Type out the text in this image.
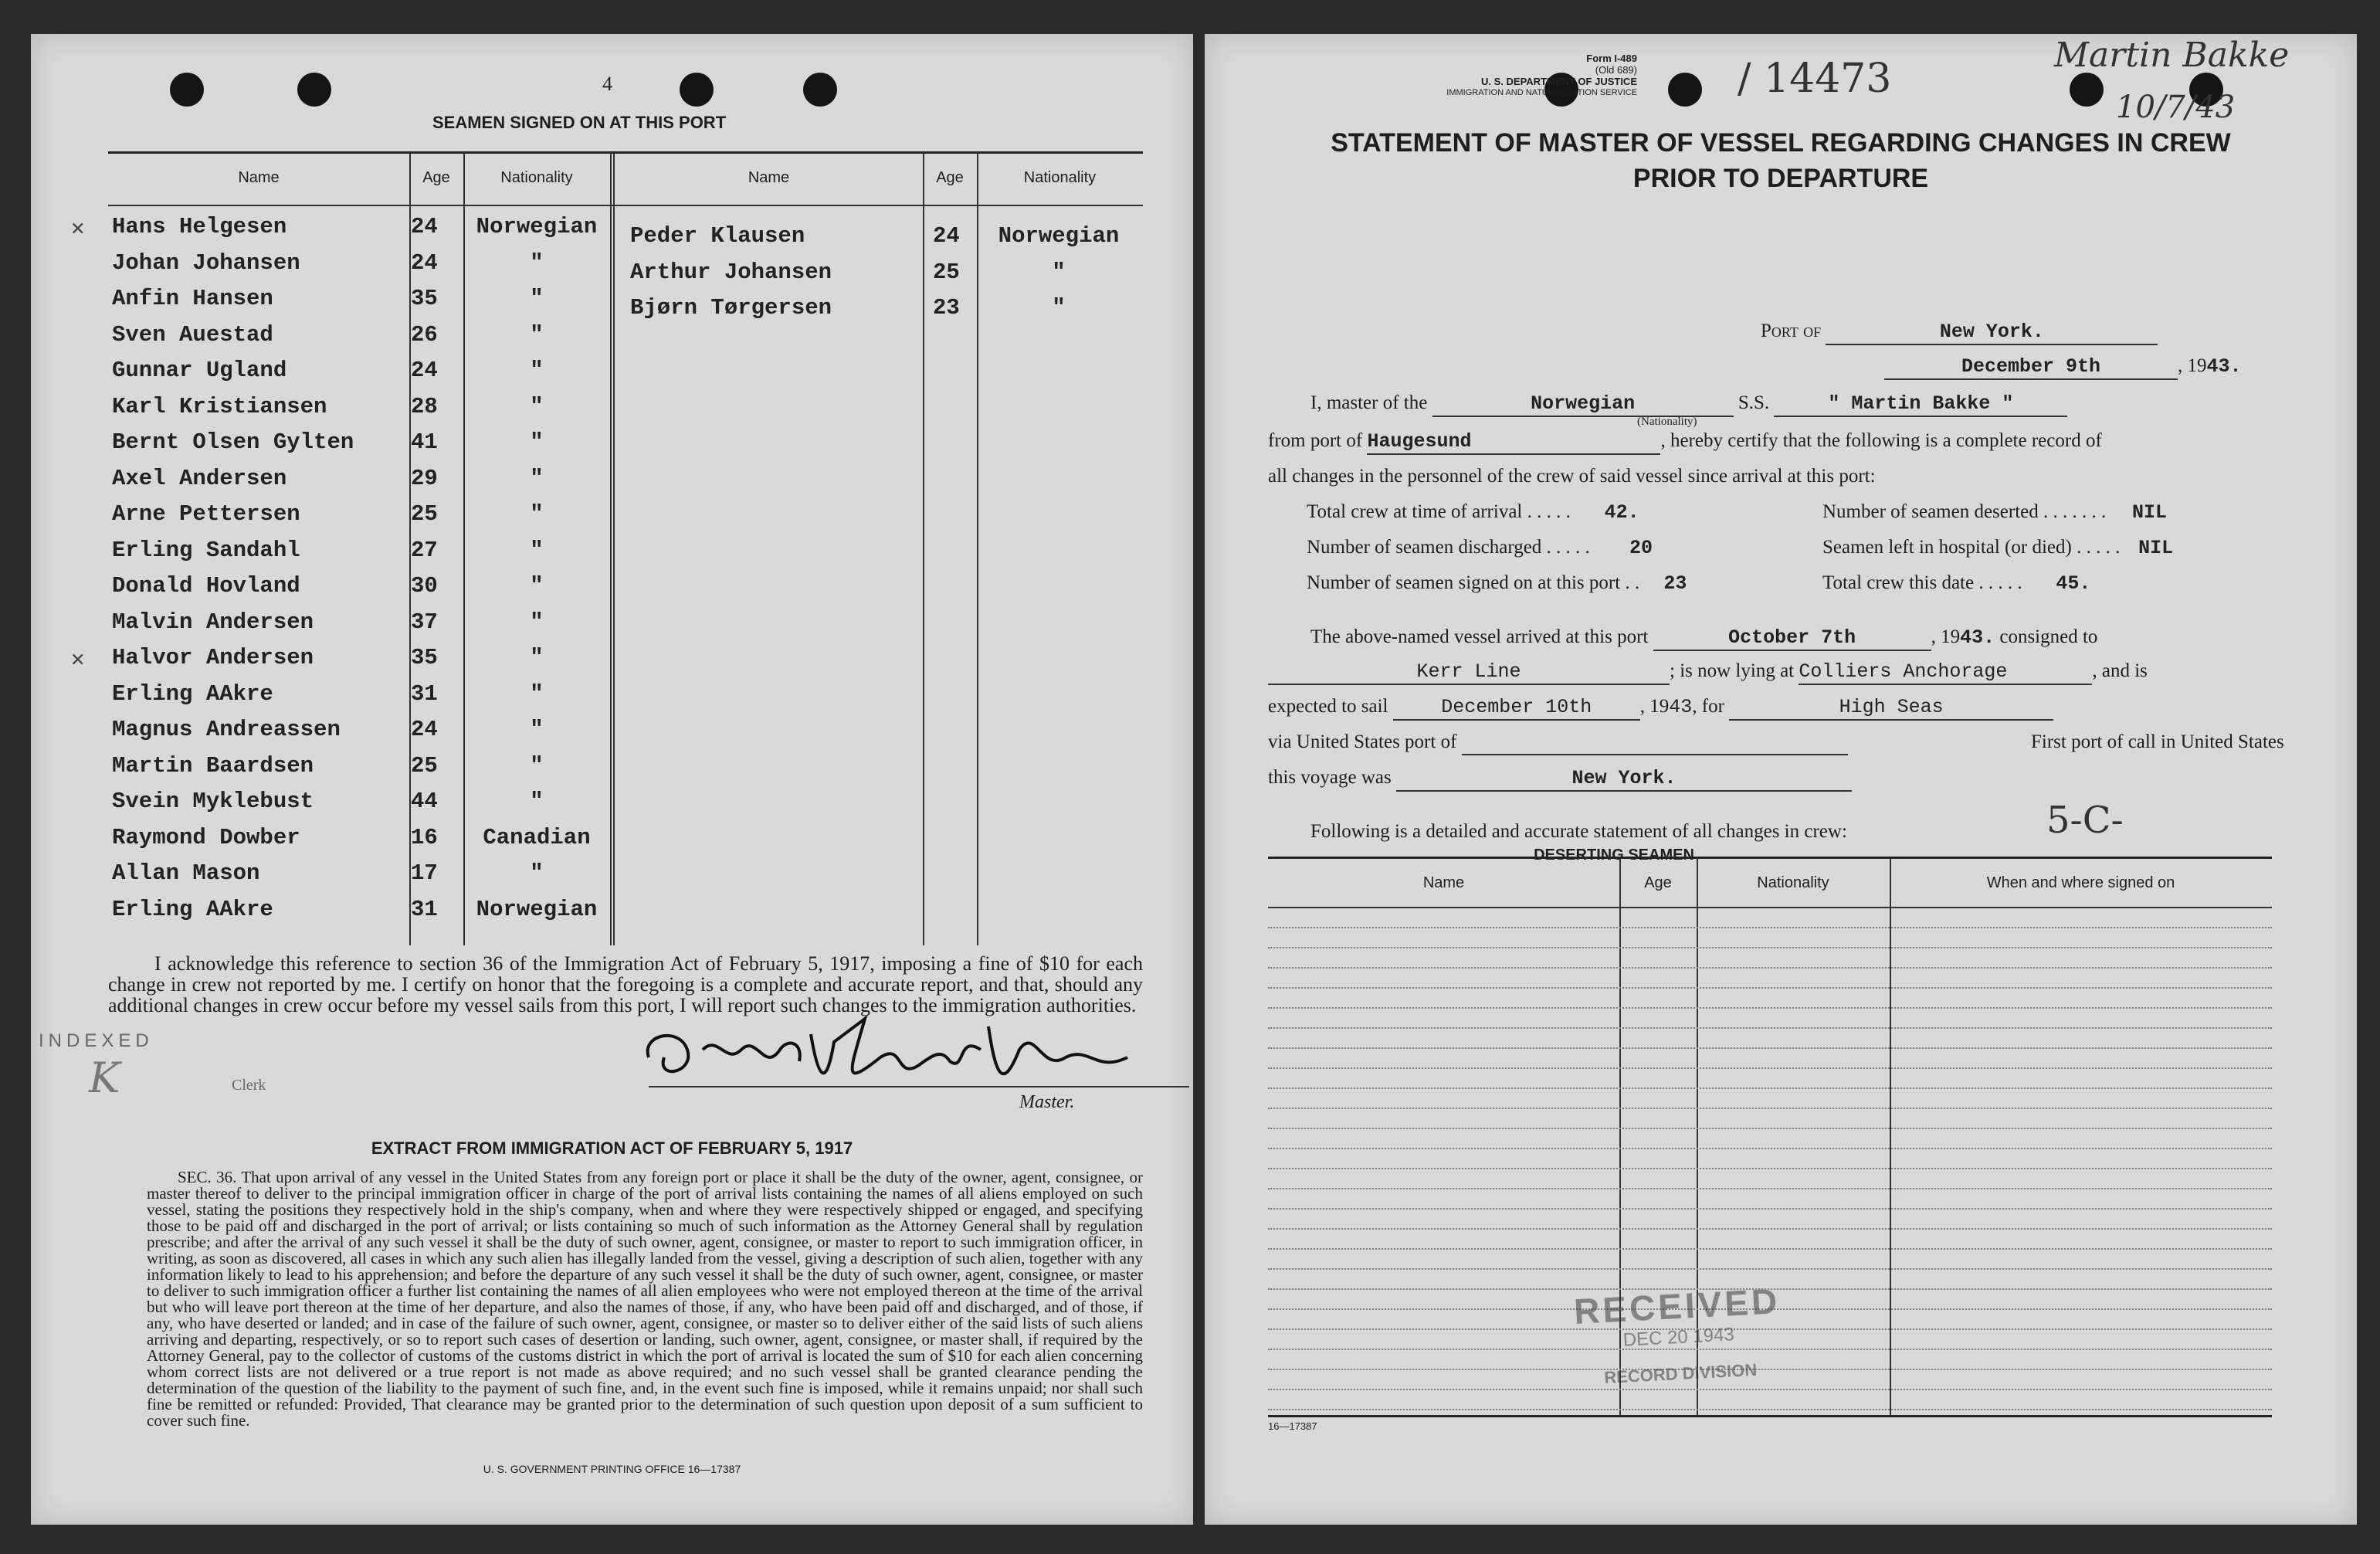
4
SEAMEN SIGNED ON AT THIS PORT
Name	Age	Nationality	Name	Age	Nationality
✕ Hans Helgesen	24 Norwegian
Johan Johansen	24	"
Anfin Hansen	35	"
Sven Auestad	26	"
Gunnar Ugland	24	"
Karl Kristiansen	28	"
Bernt Olsen Gylten	41	"
Axel Andersen	29	"
Arne Pettersen	25	"
Erling Sandahl	27	"
Donald Hovland	30	"
Malvin Andersen	37	"
✕ Halvor Andersen	35	"
Erling AAkre	31	"
Magnus Andreassen	24	"
Martin Baardsen	25	"
Svein Myklebust	44	"
Raymond Dowber	16	Canadian
Allan Mason	17	"
Erling AAkre	31 Norwegian
Peder Klausen	24	Norwegian
Arthur Johansen	25	"
Bjørn Tørgersen	23	"
I acknowledge this reference to section 36 of the Immigration Act of February 5, 1917, imposing a fine of $10 for each change in crew not reported by me. I certify on honor that the foregoing is a complete and accurate report, and that, should any additional changes in crew occur before my vessel sails from this port, I will report such changes to the immigration authorities.
INDEXED
K	Clerk
Master.
EXTRACT FROM IMMIGRATION ACT OF FEBRUARY 5, 1917
SEC. 36. That upon arrival of any vessel in the United States from any foreign port or place it shall be the duty of the owner, agent, consignee, or master thereof to deliver to the principal immigration officer in charge of the port of arrival lists containing the names of all aliens employed on such vessel, stating the positions they respectively hold in the ship's company, when and where they were respectively shipped or engaged, and specifying those to be paid off and discharged in the port of arrival; or lists containing so much of such information as the Attorney General shall by regulation prescribe; and after the arrival of any such vessel it shall be the duty of such owner, agent, consignee, or master to report to such immigration officer, in writing, as soon as discovered, all cases in which any such alien has illegally landed from the vessel, giving a description of such alien, together with any information likely to lead to his apprehension; and before the departure of any such vessel it shall be the duty of such owner, agent, consignee, or master to deliver to such immigration officer a further list containing the names of all alien employees who were not employed thereon at the time of the arrival but who will leave port thereon at the time of her departure, and also the names of those, if any, who have been paid off and discharged, and of those, if any, who have deserted or landed; and in case of the failure of such owner, agent, consignee, or master so to deliver either of the said lists of such aliens arriving and departing, respectively, or so to report such cases of desertion or landing, such owner, agent, consignee, or master shall, if required by the Attorney General, pay to the collector of customs of the customs district in which the port of arrival is located the sum of $10 for each alien concerning whom correct lists are not delivered or a true report is not made as above required; and no such vessel shall be granted clearance pending the determination of the question of the liability to the payment of such fine, and, in the event such fine is imposed, while it remains unpaid; nor shall such fine be remitted or refunded: Provided, That clearance may be granted prior to the determination of such question upon deposit of a sum sufficient to cover such fine.
U. S. GOVERNMENT PRINTING OFFICE 16—17387
Form I-489
(Old 689)
U. S. DEPARTMENT OF JUSTICE
IMMIGRATION AND NATURALIZATION SERVICE	/ 14473
Martin Bakke
10/7/43
STATEMENT OF MASTER OF VESSEL REGARDING CHANGES IN CREW
PRIOR TO DEPARTURE
Port of	New York.
December 9th	, 1943.
I, master of the	Norwegian	S.S.	" Martin Bakke "
(Nationality)
from port of Haugesund	, hereby certify that the following is a complete record of
all changes in the personnel of the crew of said vessel since arrival at this port:
Total crew at time of arrival . . . . . 42.
Number of seamen discharged . . . . . 20
Number of seamen signed on at this port . . 23
Number of seamen deserted . . . . . . . NIL
Seamen left in hospital (or died) . . . . . NIL
Total crew this date . . . . . 45.
The above-named vessel arrived at this port	October 7th	, 1943. consigned to
Kerr Line	; is now lying at Colliers Anchorage	, and is
expected to sail	December 10th , 1943, for	High Seas
via United States port of	First port of call in United States
this voyage was	New York.
Following is a detailed and accurate statement of all changes in crew:	5-C-
DESERTING SEAMEN
Name	Age	Nationality	When and where signed on
RECEIVED
DEC 20 1943
RECORD DIVISION
16—17387
